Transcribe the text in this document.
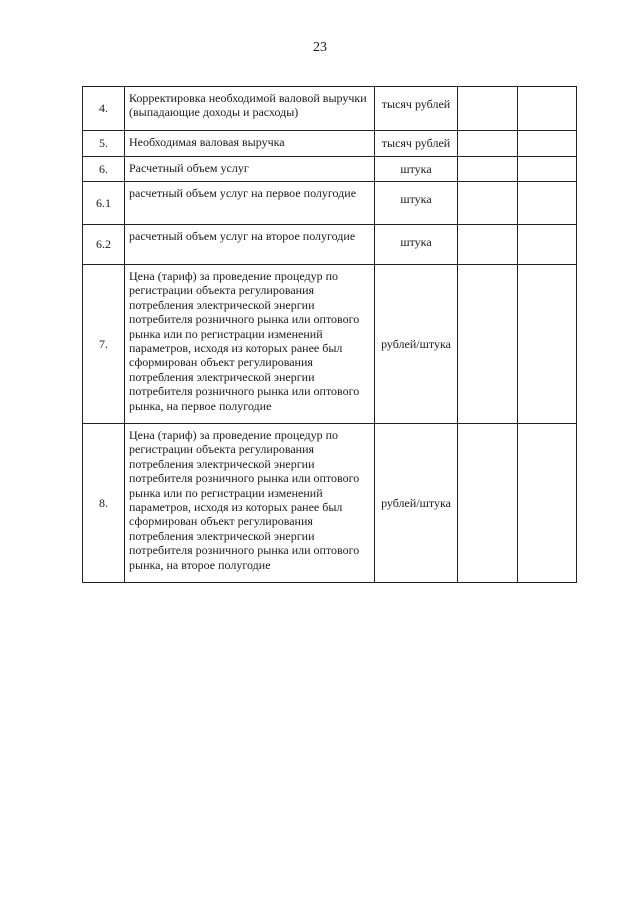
23
4.	Корректировка необходимой валовой выручки (выпадающие доходы и расходы)	тысяч рублей		
5.	Необходимая валовая выручка	тысяч рублей		
6.	Расчетный объем услуг	штука		
6.1	расчетный объем услуг на первое полугодие	штука		
6.2	расчетный объем услуг на второе полугодие	штука		
7.	Цена (тариф) за проведение процедур по регистрации объекта регулирования потребления электрической энергии потребителя розничного рынка или оптового рынка или по регистрации изменений параметров, исходя из которых ранее был сформирован объект регулирования потребления электрической энергии потребителя розничного рынка или оптового рынка, на первое полугодие	рублей/штука		
8.	Цена (тариф) за проведение процедур по регистрации объекта регулирования потребления электрической энергии потребителя розничного рынка или оптового рынка или по регистрации изменений параметров, исходя из которых ранее был сформирован объект регулирования потребления электрической энергии потребителя розничного рынка или оптового рынка, на второе полугодие	рублей/штука		
